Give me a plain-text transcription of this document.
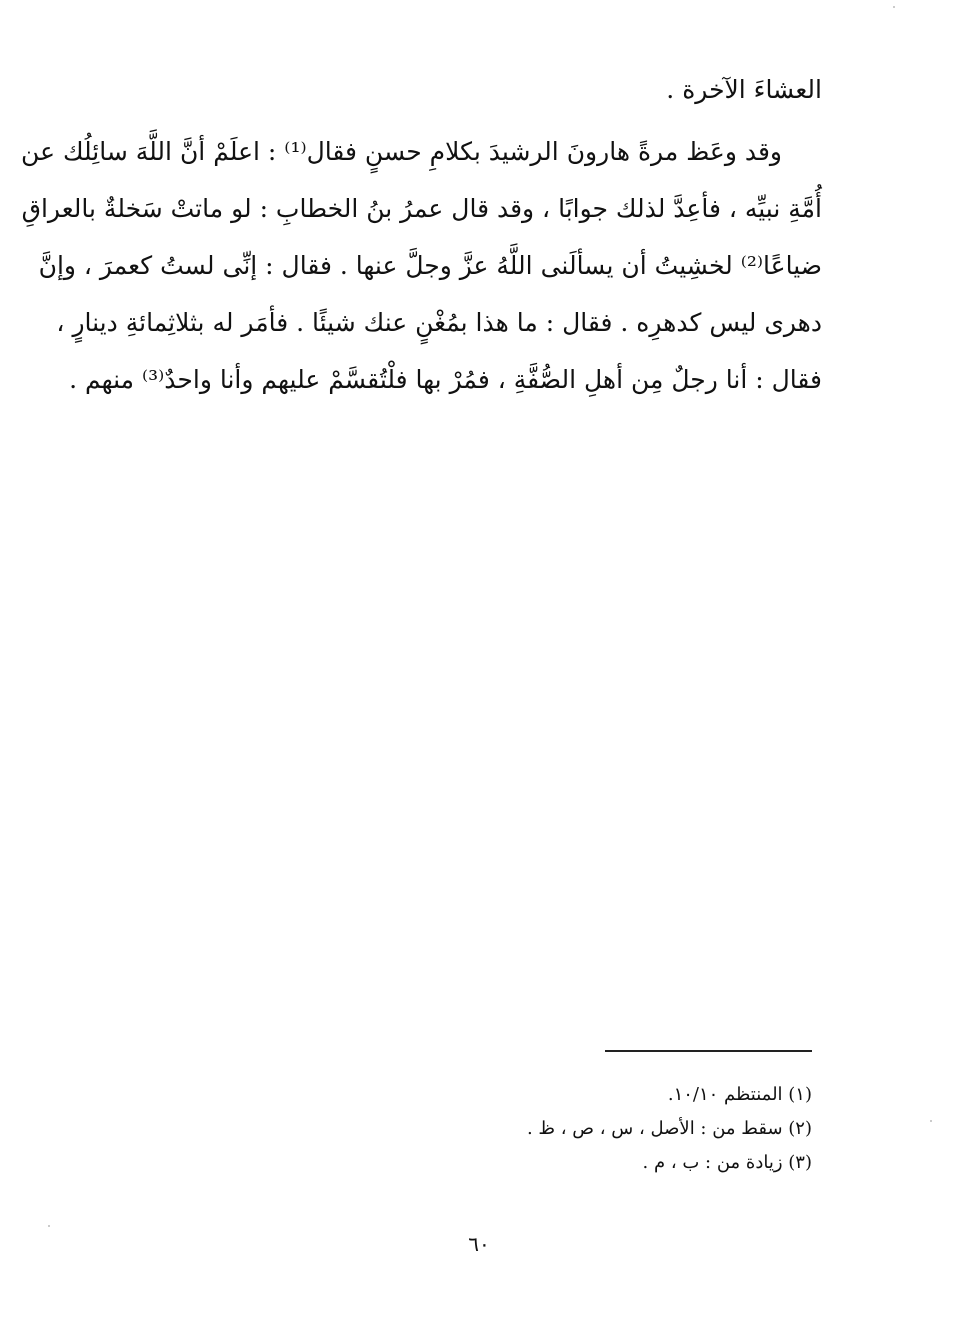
العشاءَ الآخرة .
وقد وعَظ مرةً هارونَ الرشيدَ بكلامِ حسنٍ فقال⁽¹⁾ : اعلَمْ أنَّ اللَّهَ سائِلُك عن
أُمَّةِ نبيِّه ، فأعِدَّ لذلك جوابًا ، وقد قال عمرُ بنُ الخطابِ : لو ماتتْ سَخلةٌ بالعراقِ
ضياعًا⁽²⁾ لخشِيتُ أن يسألَنى اللَّهُ عزَّ وجلَّ عنها . فقال : إنِّى لستُ كعمرَ ، وإنَّ
دهرى ليس كدهرِه . فقال : ما هذا بمُغْنٍ عنك شيئًا . فأمَر له بثلاثِمائةِ دينارٍ ،
فقال : أنا رجلٌ مِن أهلِ الصُّفَّةِ ، فمُرْ بها فلْتُقسَّمْ عليهم وأنا واحدٌ⁽³⁾ منهم .
(١) المنتظم ١٠/١٠.
(٢) سقط من : الأصل ، س ، ص ، ظ .
(٣) زيادة من : ب ، م .
٦٠
